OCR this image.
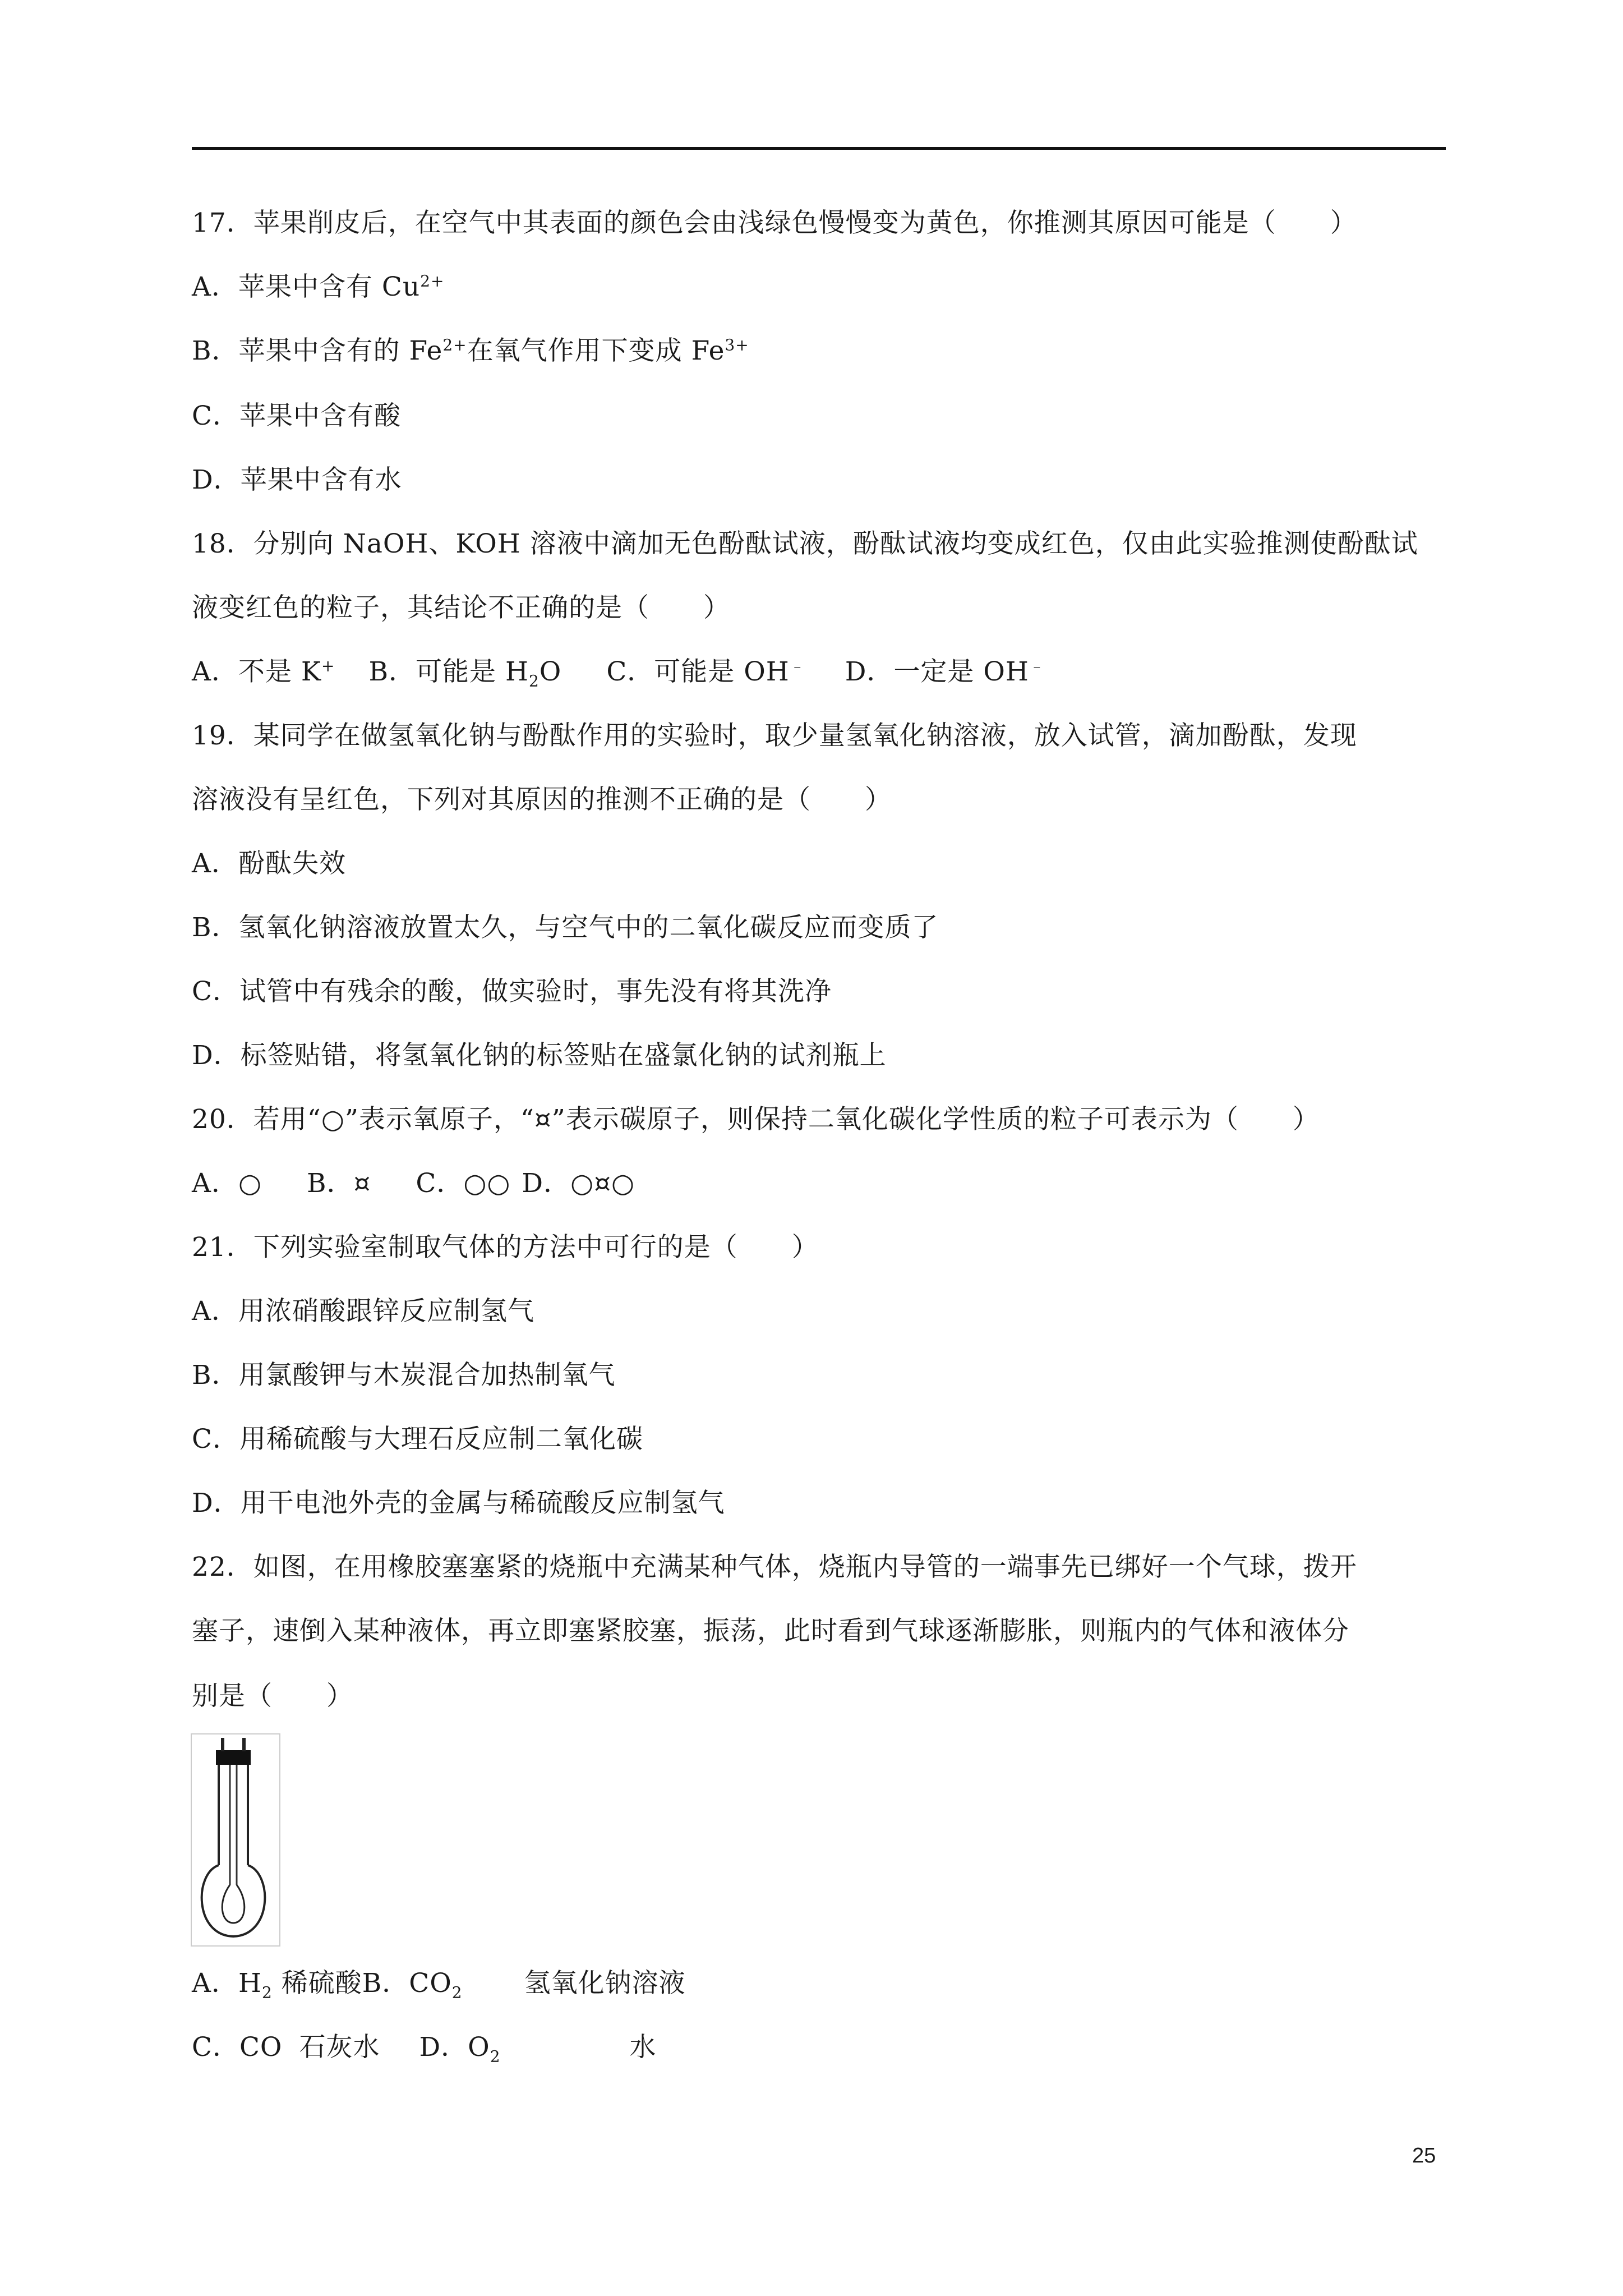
17．苹果削皮后，在空气中其表面的颜色会由浅绿色慢慢变为黄色，你推测其原因可能是（　　）
A．苹果中含有 $Cu^{2+}$
B．苹果中含有的 $Fe^{2+}$在氧气作用下变成 $Fe^{3+}$
C．苹果中含有酸
D．苹果中含有水
18．分别向 NaOH、KOH 溶液中滴加无色酚酞试液，酚酞试液均变成红色，仅由此实验推测使酚酞试
液变红色的粒子，其结论不正确的是（　　）
A．不是 K+ B．可能是 $H_2O$ C．可能是 OH﹣ D．一定是 OH﹣
19．某同学在做氢氧化钠与酚酞作用的实验时，取少量氢氧化钠溶液，放入试管，滴加酚酞，发现
溶液没有呈红色，下列对其原因的推测不正确的是（　　）
A．酚酞失效
B．氢氧化钠溶液放置太久，与空气中的二氧化碳反应而变质了
C．试管中有残余的酸，做实验时，事先没有将其洗净
D．标签贴错，将氢氧化钠的标签贴在盛氯化钠的试剂瓶上
20．若用“○”表示氧原子，“¤”表示碳原子，则保持二氧化碳化学性质的粒子可表示为（　　）
A．○ B．¤ C．○○ D．○¤○
21．下列实验室制取气体的方法中可行的是（　　）
A．用浓硝酸跟锌反应制氢气
B．用氯酸钾与木炭混合加热制氧气
C．用稀硫酸与大理石反应制二氧化碳
D．用干电池外壳的金属与稀硫酸反应制氢气
22．如图，在用橡胶塞塞紧的烧瓶中充满某种气体，烧瓶内导管的一端事先已绑好一个气球，拨开
塞子，速倒入某种液体，再立即塞紧胶塞，振荡，此时看到气球逐渐膨胀，则瓶内的气体和液体分
别是（　　）
A．$H_2$ 稀硫酸B．$CO_2$ 氢氧化钠溶液
C．CO 石灰水 D．$O_2$	水
25
